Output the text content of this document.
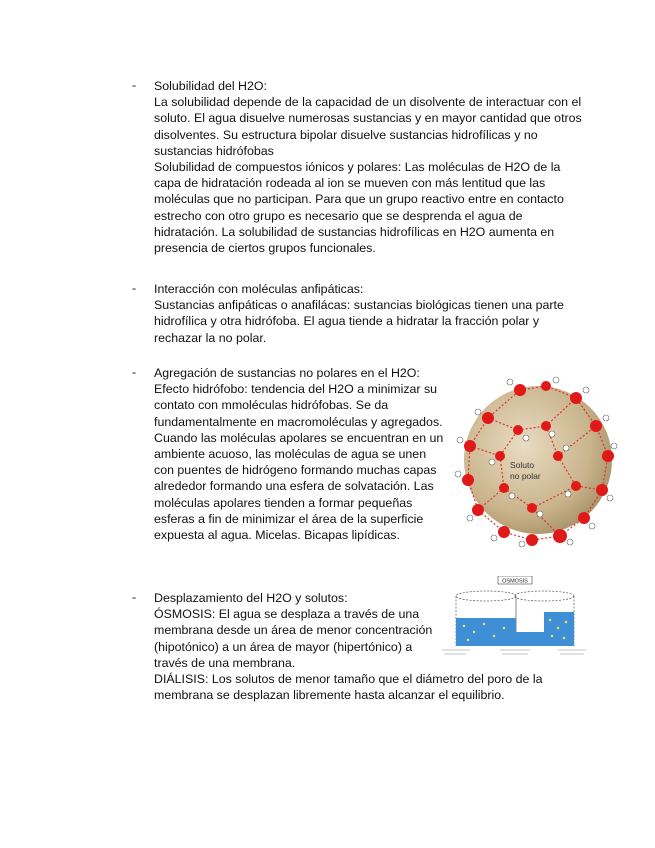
-	Solubilidad del H2O:

La solubilidad depende de la capacidad de un disolvente de interactuar con el soluto. El agua disuelve numerosas sustancias y en mayor cantidad que otros disolventes. Su estructura bipolar disuelve sustancias hidrofílicas y no sustancias hidrófobas

Solubilidad de compuestos iónicos y polares: Las moléculas de H2O de la capa de hidratación rodeada al ion se mueven con más lentitud que las moléculas que no participan. Para que un grupo reactivo entre en contacto estrecho con otro grupo es necesario que se desprenda el agua de hidratación. La solubilidad de sustancias hidrofílicas en H2O aumenta en presencia de ciertos grupos funcionales.

-	Interacción con moléculas anfipáticas:

Sustancias anfipáticas o anafilácas: sustancias biológicas tienen una parte hidrofílica y otra hidrófoba. El agua tiende a hidratar la fracción polar y rechazar la no polar.

-	Agregación de sustancias no polares en el H2O:

Efecto hidrófobo: tendencia del H2O a minimizar su contato con mmoléculas hidrófobas. Se da fundamentalmente en macromoléculas y agregados. Cuando las moléculas apolares se encuentran en un ambiente acuoso, las moléculas de agua se unen con puentes de hidrógeno formando muchas capas alrededor formando una esfera de solvatación. Las moléculas apolares tienden a formar pequeñas esferas a fin de minimizar el área de la superficie expuesta al agua. Micelas. Bicapas lipídicas.

Soluto
no polar
-	Desplazamiento del H2O y solutos:

ÓSMOSIS: El agua se desplaza a través de una membrana desde un área de menor concentración (hipotónico) a un área de mayor (hipertónico) a través de una membrana.

DIÁLISIS: Los solutos de menor tamaño que el diámetro del poro de la membrana se desplazan libremente hasta alcanzar el equilibrio.

OSMOSIS
